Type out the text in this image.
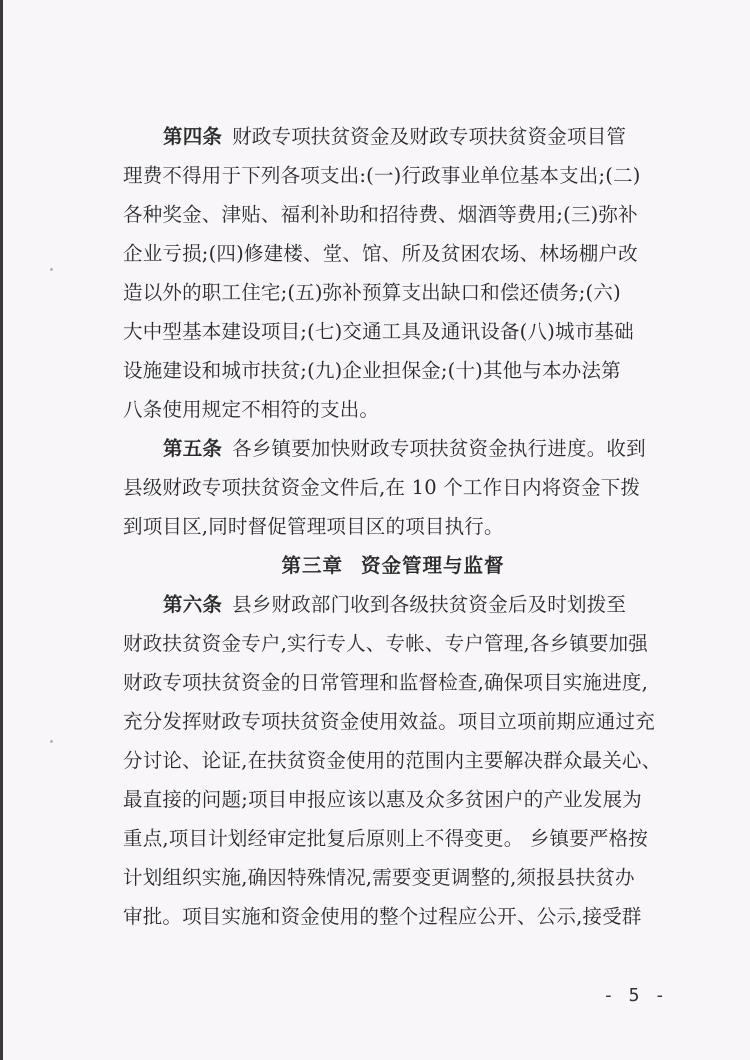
第四条 财政专项扶贫资金及财政专项扶贫资金项目管
理费不得用于下列各项支出:(一)行政事业单位基本支出;(二)
各种奖金、津贴、福利补助和招待费、烟酒等费用;(三)弥补
企业亏损;(四)修建楼、堂、馆、所及贫困农场、林场棚户改
造以外的职工住宅;(五)弥补预算支出缺口和偿还债务;(六)
大中型基本建设项目;(七)交通工具及通讯设备(八)城市基础
设施建设和城市扶贫;(九)企业担保金;(十)其他与本办法第
八条使用规定不相符的支出。
第五条 各乡镇要加快财政专项扶贫资金执行进度。收到
县级财政专项扶贫资金文件后,在 10 个工作日内将资金下拨
到项目区,同时督促管理项目区的项目执行。
第三章 资金管理与监督
第六条 县乡财政部门收到各级扶贫资金后及时划拨至
财政扶贫资金专户,实行专人、专帐、专户管理,各乡镇要加强
财政专项扶贫资金的日常管理和监督检查,确保项目实施进度,
充分发挥财政专项扶贫资金使用效益。项目立项前期应通过充
分讨论、论证,在扶贫资金使用的范围内主要解决群众最关心、
最直接的问题;项目申报应该以惠及众多贫困户的产业发展为
重点,项目计划经审定批复后原则上不得变更。 乡镇要严格按
计划组织实施,确因特殊情况,需要变更调整的,须报县扶贫办
审批。项目实施和资金使用的整个过程应公开、公示,接受群
- 5 -
